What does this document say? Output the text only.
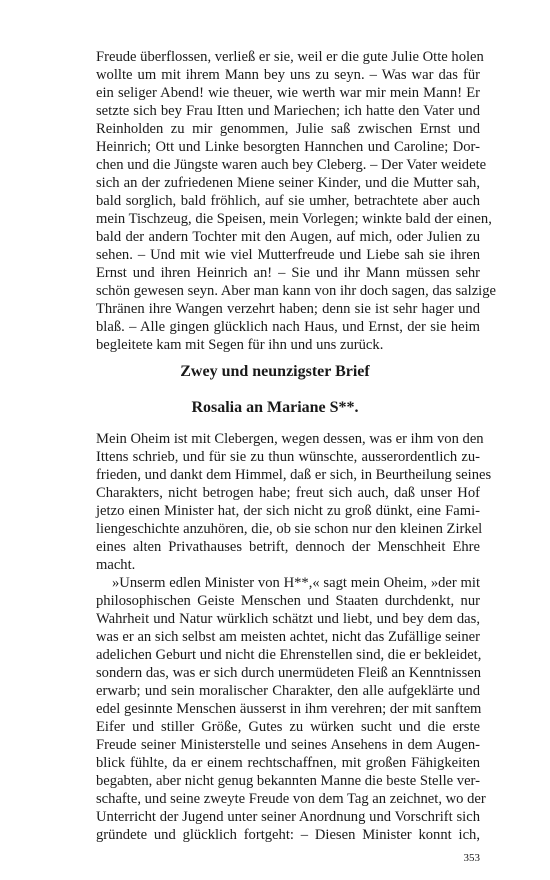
Freude überflossen, verließ er sie, weil er die gute Julie Otte holen
wollte um mit ihrem Mann bey uns zu seyn. – Was war das für
ein seliger Abend! wie theuer, wie werth war mir mein Mann! Er
setzte sich bey Frau Itten und Mariechen; ich hatte den Vater und
Reinholden zu mir genommen, Julie saß zwischen Ernst und
Heinrich; Ott und Linke besorgten Hannchen und Caroline; Dor-
chen und die Jüngste waren auch bey Cleberg. – Der Vater weidete
sich an der zufriedenen Miene seiner Kinder, und die Mutter sah,
bald sorglich, bald fröhlich, auf sie umher, betrachtete aber auch
mein Tischzeug, die Speisen, mein Vorlegen; winkte bald der einen,
bald der andern Tochter mit den Augen, auf mich, oder Julien zu
sehen. – Und mit wie viel Mutterfreude und Liebe sah sie ihren
Ernst und ihren Heinrich an! – Sie und ihr Mann müssen sehr
schön gewesen seyn. Aber man kann von ihr doch sagen, das salzige
Thränen ihre Wangen verzehrt haben; denn sie ist sehr hager und
blaß. – Alle gingen glücklich nach Haus, und Ernst, der sie heim
begleitete kam mit Segen für ihn und uns zurück.
Zwey und neunzigster Brief
Rosalia an Mariane S**.
Mein Oheim ist mit Clebergen, wegen dessen, was er ihm von den
Ittens schrieb, und für sie zu thun wünschte, ausserordentlich zu-
frieden, und dankt dem Himmel, daß er sich, in Beurtheilung seines
Charakters, nicht betrogen habe; freut sich auch, daß unser Hof
jetzo einen Minister hat, der sich nicht zu groß dünkt, eine Fami-
liengeschichte anzuhören, die, ob sie schon nur den kleinen Zirkel
eines alten Privathauses betrift, dennoch der Menschheit Ehre
macht.
»Unserm edlen Minister von H**,« sagt mein Oheim, »der mit
philosophischen Geiste Menschen und Staaten durchdenkt, nur
Wahrheit und Natur würklich schätzt und liebt, und bey dem das,
was er an sich selbst am meisten achtet, nicht das Zufällige seiner
adelichen Geburt und nicht die Ehrenstellen sind, die er bekleidet,
sondern das, was er sich durch unermüdeten Fleiß an Kenntnissen
erwarb; und sein moralischer Charakter, den alle aufgeklärte und
edel gesinnte Menschen äusserst in ihm verehren; der mit sanftem
Eifer und stiller Größe, Gutes zu würken sucht und die erste
Freude seiner Ministerstelle und seines Ansehens in dem Augen-
blick fühlte, da er einem rechtschaffnen, mit großen Fähigkeiten
begabten, aber nicht genug bekannten Manne die beste Stelle ver-
schafte, und seine zweyte Freude von dem Tag an zeichnet, wo der
Unterricht der Jugend unter seiner Anordnung und Vorschrift sich
gründete und glücklich fortgeht: – Diesen Minister konnt ich,
353
